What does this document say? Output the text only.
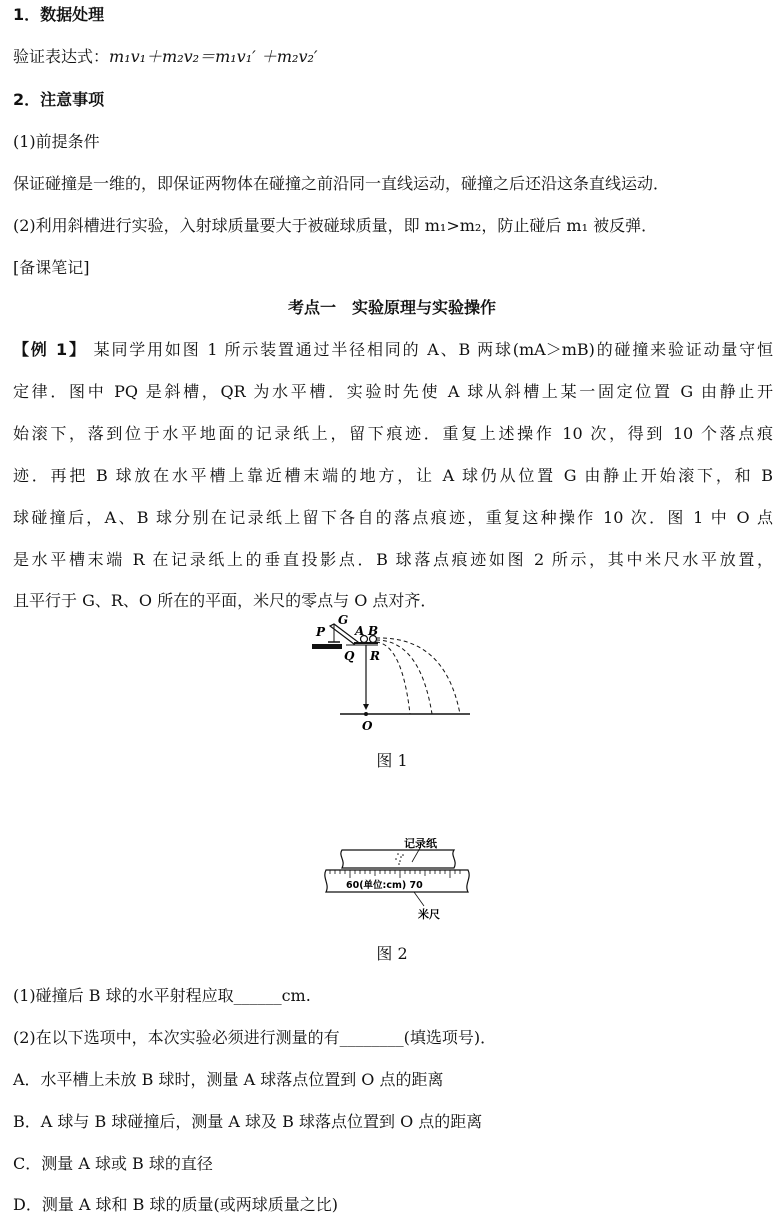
1．数据处理
验证表达式：m₁v₁＋m₂v₂＝m₁v₁′ ＋m₂v₂′
2．注意事项
(1)前提条件
保证碰撞是一维的，即保证两物体在碰撞之前沿同一直线运动，碰撞之后还沿这条直线运动．
(2)利用斜槽进行实验，入射球质量要大于被碰球质量，即 m₁>m₂，防止碰后 m₁ 被反弹．
[备课笔记]
考点一　实验原理与实验操作
【例 1】 某同学用如图 1 所示装置通过半径相同的 A、B 两球(mA＞mB)的碰撞来验证动量守恒
定律．图中 PQ 是斜槽，QR 为水平槽．实验时先使 A 球从斜槽上某一固定位置 G 由静止开
始滚下，落到位于水平地面的记录纸上，留下痕迹．重复上述操作 10 次，得到 10 个落点痕
迹．再把 B 球放在水平槽上靠近槽末端的地方，让 A 球仍从位置 G 由静止开始滚下，和 B
球碰撞后，A、B 球分别在记录纸上留下各自的落点痕迹，重复这种操作 10 次．图 1 中 O 点
是水平槽末端 R 在记录纸上的垂直投影点．B 球落点痕迹如图 2 所示，其中米尺水平放置，
且平行于 G、R、O 所在的平面，米尺的零点与 O 点对齐．
P
G
A B
Q R
O
图 1
记录纸
60(单位:cm) 70
米尺
图 2
(1)碰撞后 B 球的水平射程应取______cm.
(2)在以下选项中，本次实验必须进行测量的有________(填选项号)．
A．水平槽上未放 B 球时，测量 A 球落点位置到 O 点的距离
B．A 球与 B 球碰撞后，测量 A 球及 B 球落点位置到 O 点的距离
C．测量 A 球或 B 球的直径
D．测量 A 球和 B 球的质量(或两球质量之比)
